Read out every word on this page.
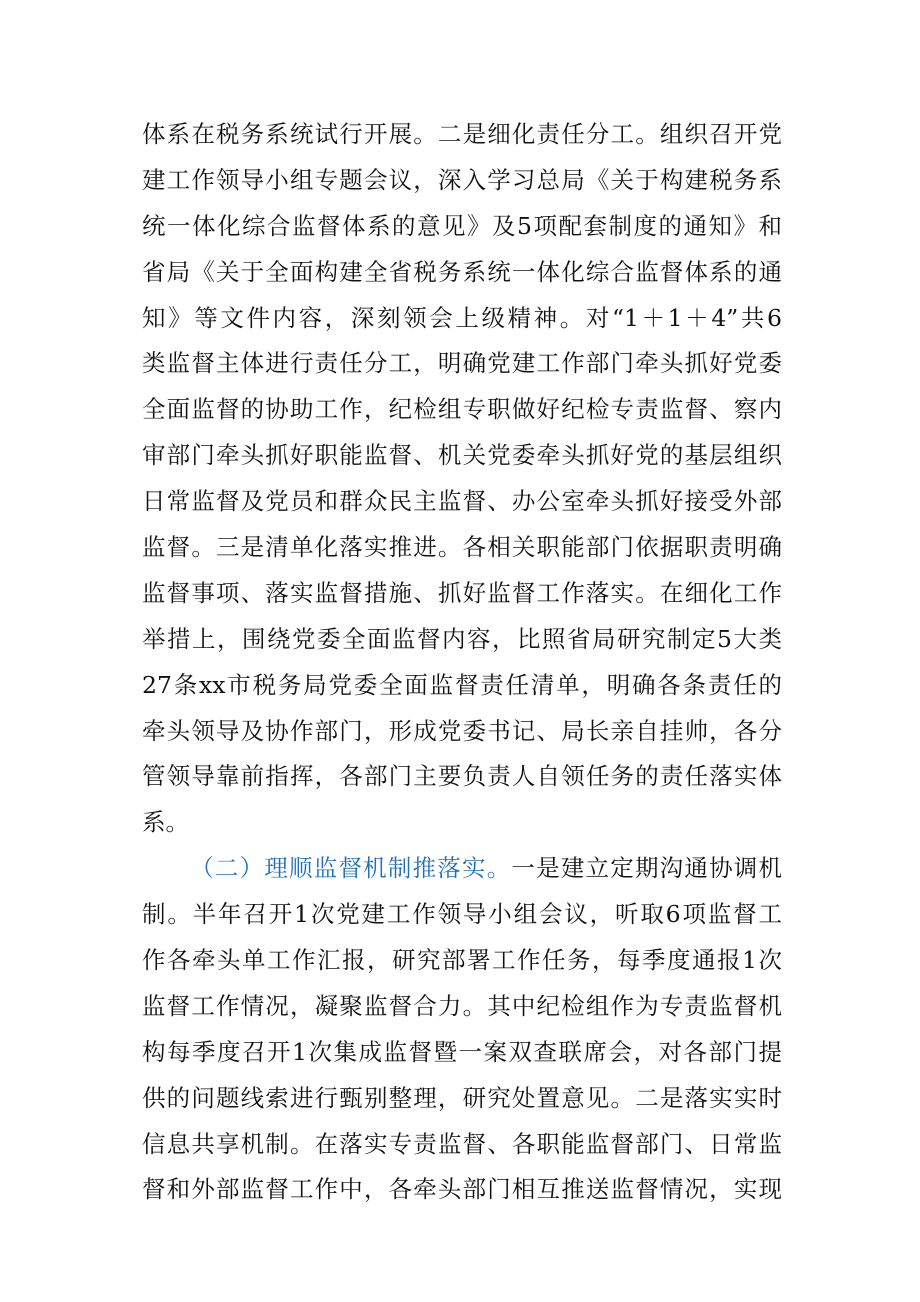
体系在税务系统试行开展。二是细化责任分工。组织召开党
建工作领导小组专题会议，深入学习总局《关于构建税务系
统一体化综合监督体系的意见》及5项配套制度的通知》和
省局《关于全面构建全省税务系统一体化综合监督体系的通
知》等文件内容，深刻领会上级精神。对“1＋1＋4”共6
类监督主体进行责任分工，明确党建工作部门牵头抓好党委
全面监督的协助工作，纪检组专职做好纪检专责监督、察内
审部门牵头抓好职能监督、机关党委牵头抓好党的基层组织
日常监督及党员和群众民主监督、办公室牵头抓好接受外部
监督。三是清单化落实推进。各相关职能部门依据职责明确
监督事项、落实监督措施、抓好监督工作落实。在细化工作
举措上，围绕党委全面监督内容，比照省局研究制定5大类
27条xx市税务局党委全面监督责任清单，明确各条责任的
牵头领导及协作部门，形成党委书记、局长亲自挂帅，各分
管领导靠前指挥，各部门主要负责人自领任务的责任落实体
系。
（二）理顺监督机制推落实。一是建立定期沟通协调机
制。半年召开1次党建工作领导小组会议，听取6项监督工
作各牵头单工作汇报，研究部署工作任务，每季度通报1次
监督工作情况，凝聚监督合力。其中纪检组作为专责监督机
构每季度召开1次集成监督暨一案双查联席会，对各部门提
供的问题线索进行甄别整理，研究处置意见。二是落实实时
信息共享机制。在落实专责监督、各职能监督部门、日常监
督和外部监督工作中，各牵头部门相互推送监督情况，实现
